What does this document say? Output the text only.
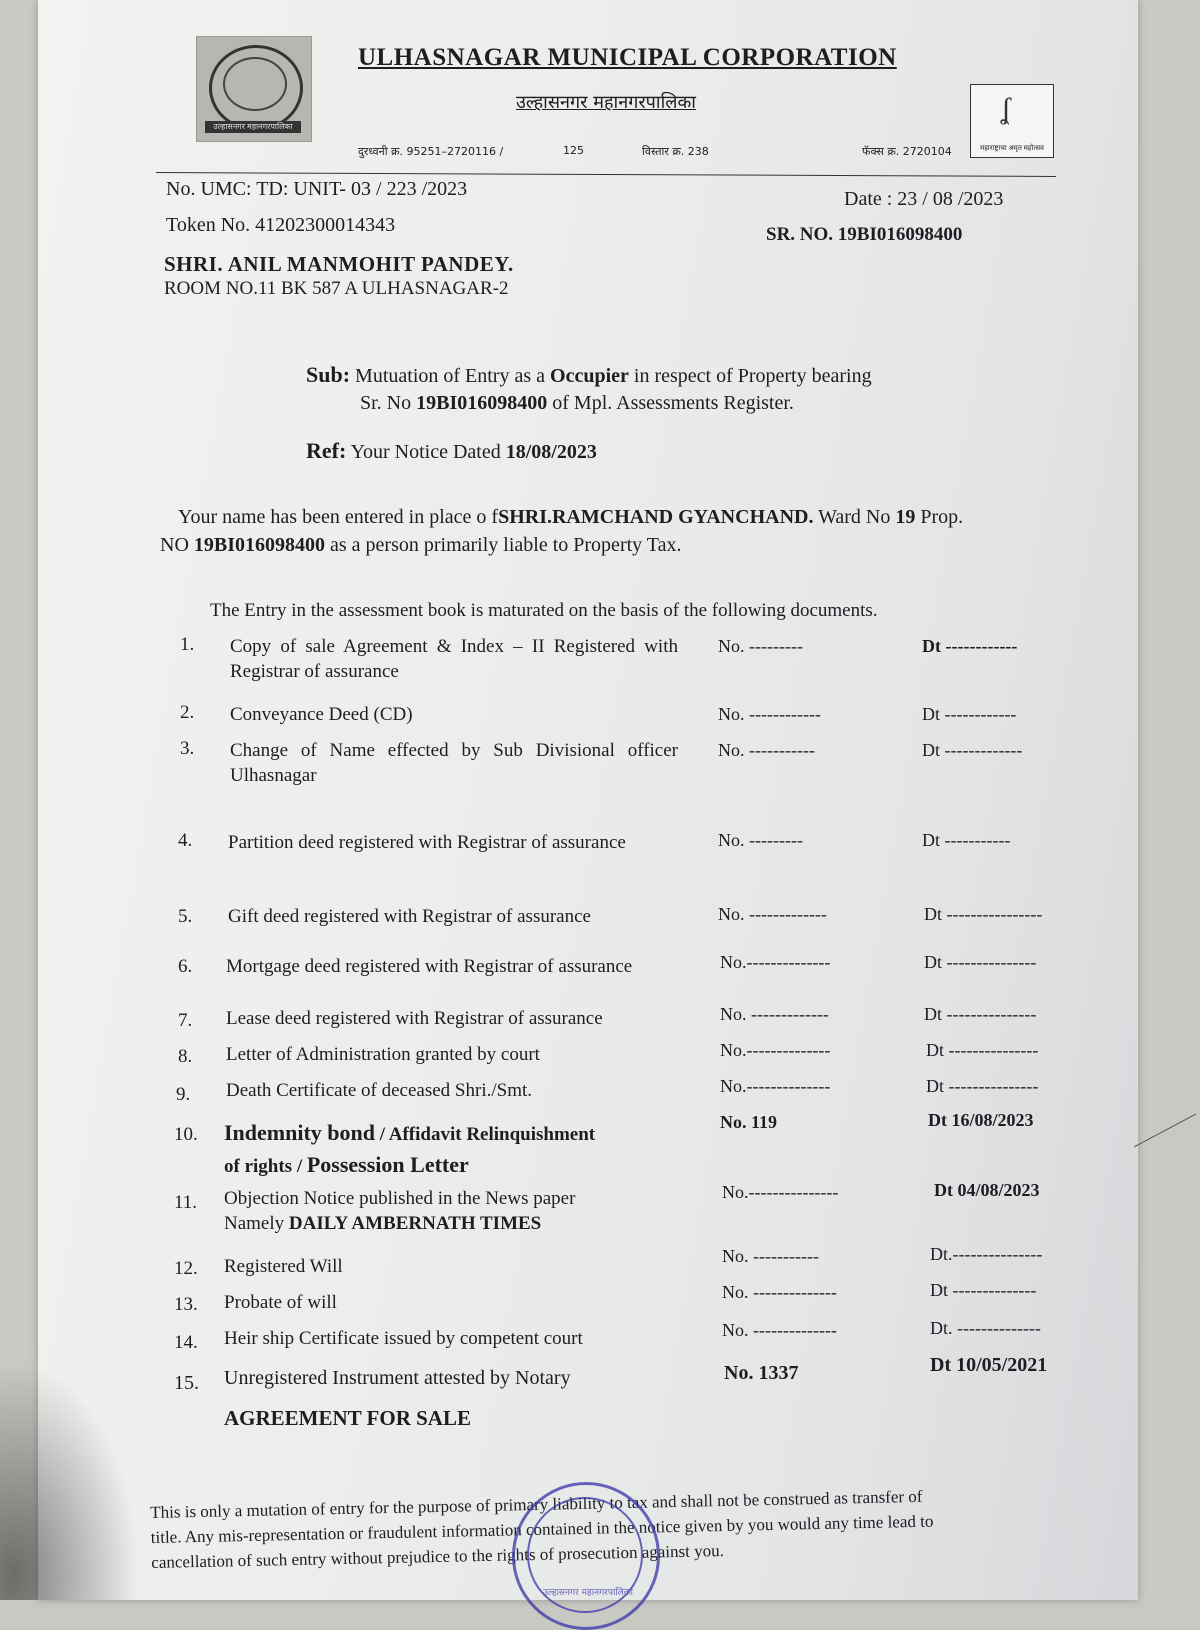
उल्हासनगर महानगरपालिका
ʆ
महाराष्ट्राचा अमृत महोत्सव
ULHASNAGAR MUNICIPAL CORPORATION
उल्हासनगर महानगरपालिका
दुरध्वनी क्र. 95251–2720116 /	125	विस्तार क्र. 238	फॅक्स क्र. 2720104
No. UMC: TD: UNIT- 03 / 223 /2023	Date : 23 / 08 /2023
Token No. 41202300014343	SR. NO. 19BI016098400
SHRI. ANIL MANMOHIT PANDEY.
ROOM NO.11 BK 587 A ULHASNAGAR-2
Sub: Mutuation of Entry as a Occupier in respect of Property bearing
Sr. No 19BI016098400 of Mpl. Assessments Register.
Ref: Your Notice Dated 18/08/2023
Your name has been entered in place o fSHRI.RAMCHAND GYANCHAND. Ward No 19 Prop.
NO 19BI016098400 as a person primarily liable to Property Tax.
The Entry in the assessment book is maturated on the basis of the following documents.
1. Copy of sale Agreement & Index – II Registered with Registrar of assurance
No. ---------	Dt ------------
2. Conveyance Deed (CD)	No. ------------	Dt ------------
3. Change of Name effected by Sub Divisional officer Ulhasnagar
No. -----------	Dt -------------
4. Partition deed registered with Registrar of assurance	No. ---------	Dt -----------
5. Gift deed registered with Registrar of assurance	No. -------------	Dt ----------------
6. Mortgage deed registered with Registrar of assurance	No.--------------	Dt ---------------
7. Lease deed registered with Registrar of assurance	No. -------------	Dt ---------------
8. Letter of Administration granted by court	No.--------------	Dt ---------------
9. Death Certificate of deceased Shri./Smt.	No.--------------	Dt ---------------
10. Indemnity bond / Affidavit Relinquishment
of rights / Possession Letter
No. 119	Dt 16/08/2023
11. Objection Notice published in the News paper
Namely DAILY AMBERNATH TIMES
No.---------------	Dt 04/08/2023
12. Registered Will	No. -----------	Dt.---------------
13. Probate of will	No. --------------	Dt --------------
14. Heir ship Certificate issued by competent court	No. --------------	Dt. --------------
15. Unregistered Instrument attested by Notary	No. 1337	Dt 10/05/2021
AGREEMENT FOR SALE
This is only a mutation of entry for the purpose of primary liability to tax and shall not be construed as transfer of
title. Any mis-representation or fraudulent information contained in the notice given by you would any time lead to
cancellation of such entry without prejudice to the rights of prosecution against you.
उल्हासनगर महानगरपालिका
